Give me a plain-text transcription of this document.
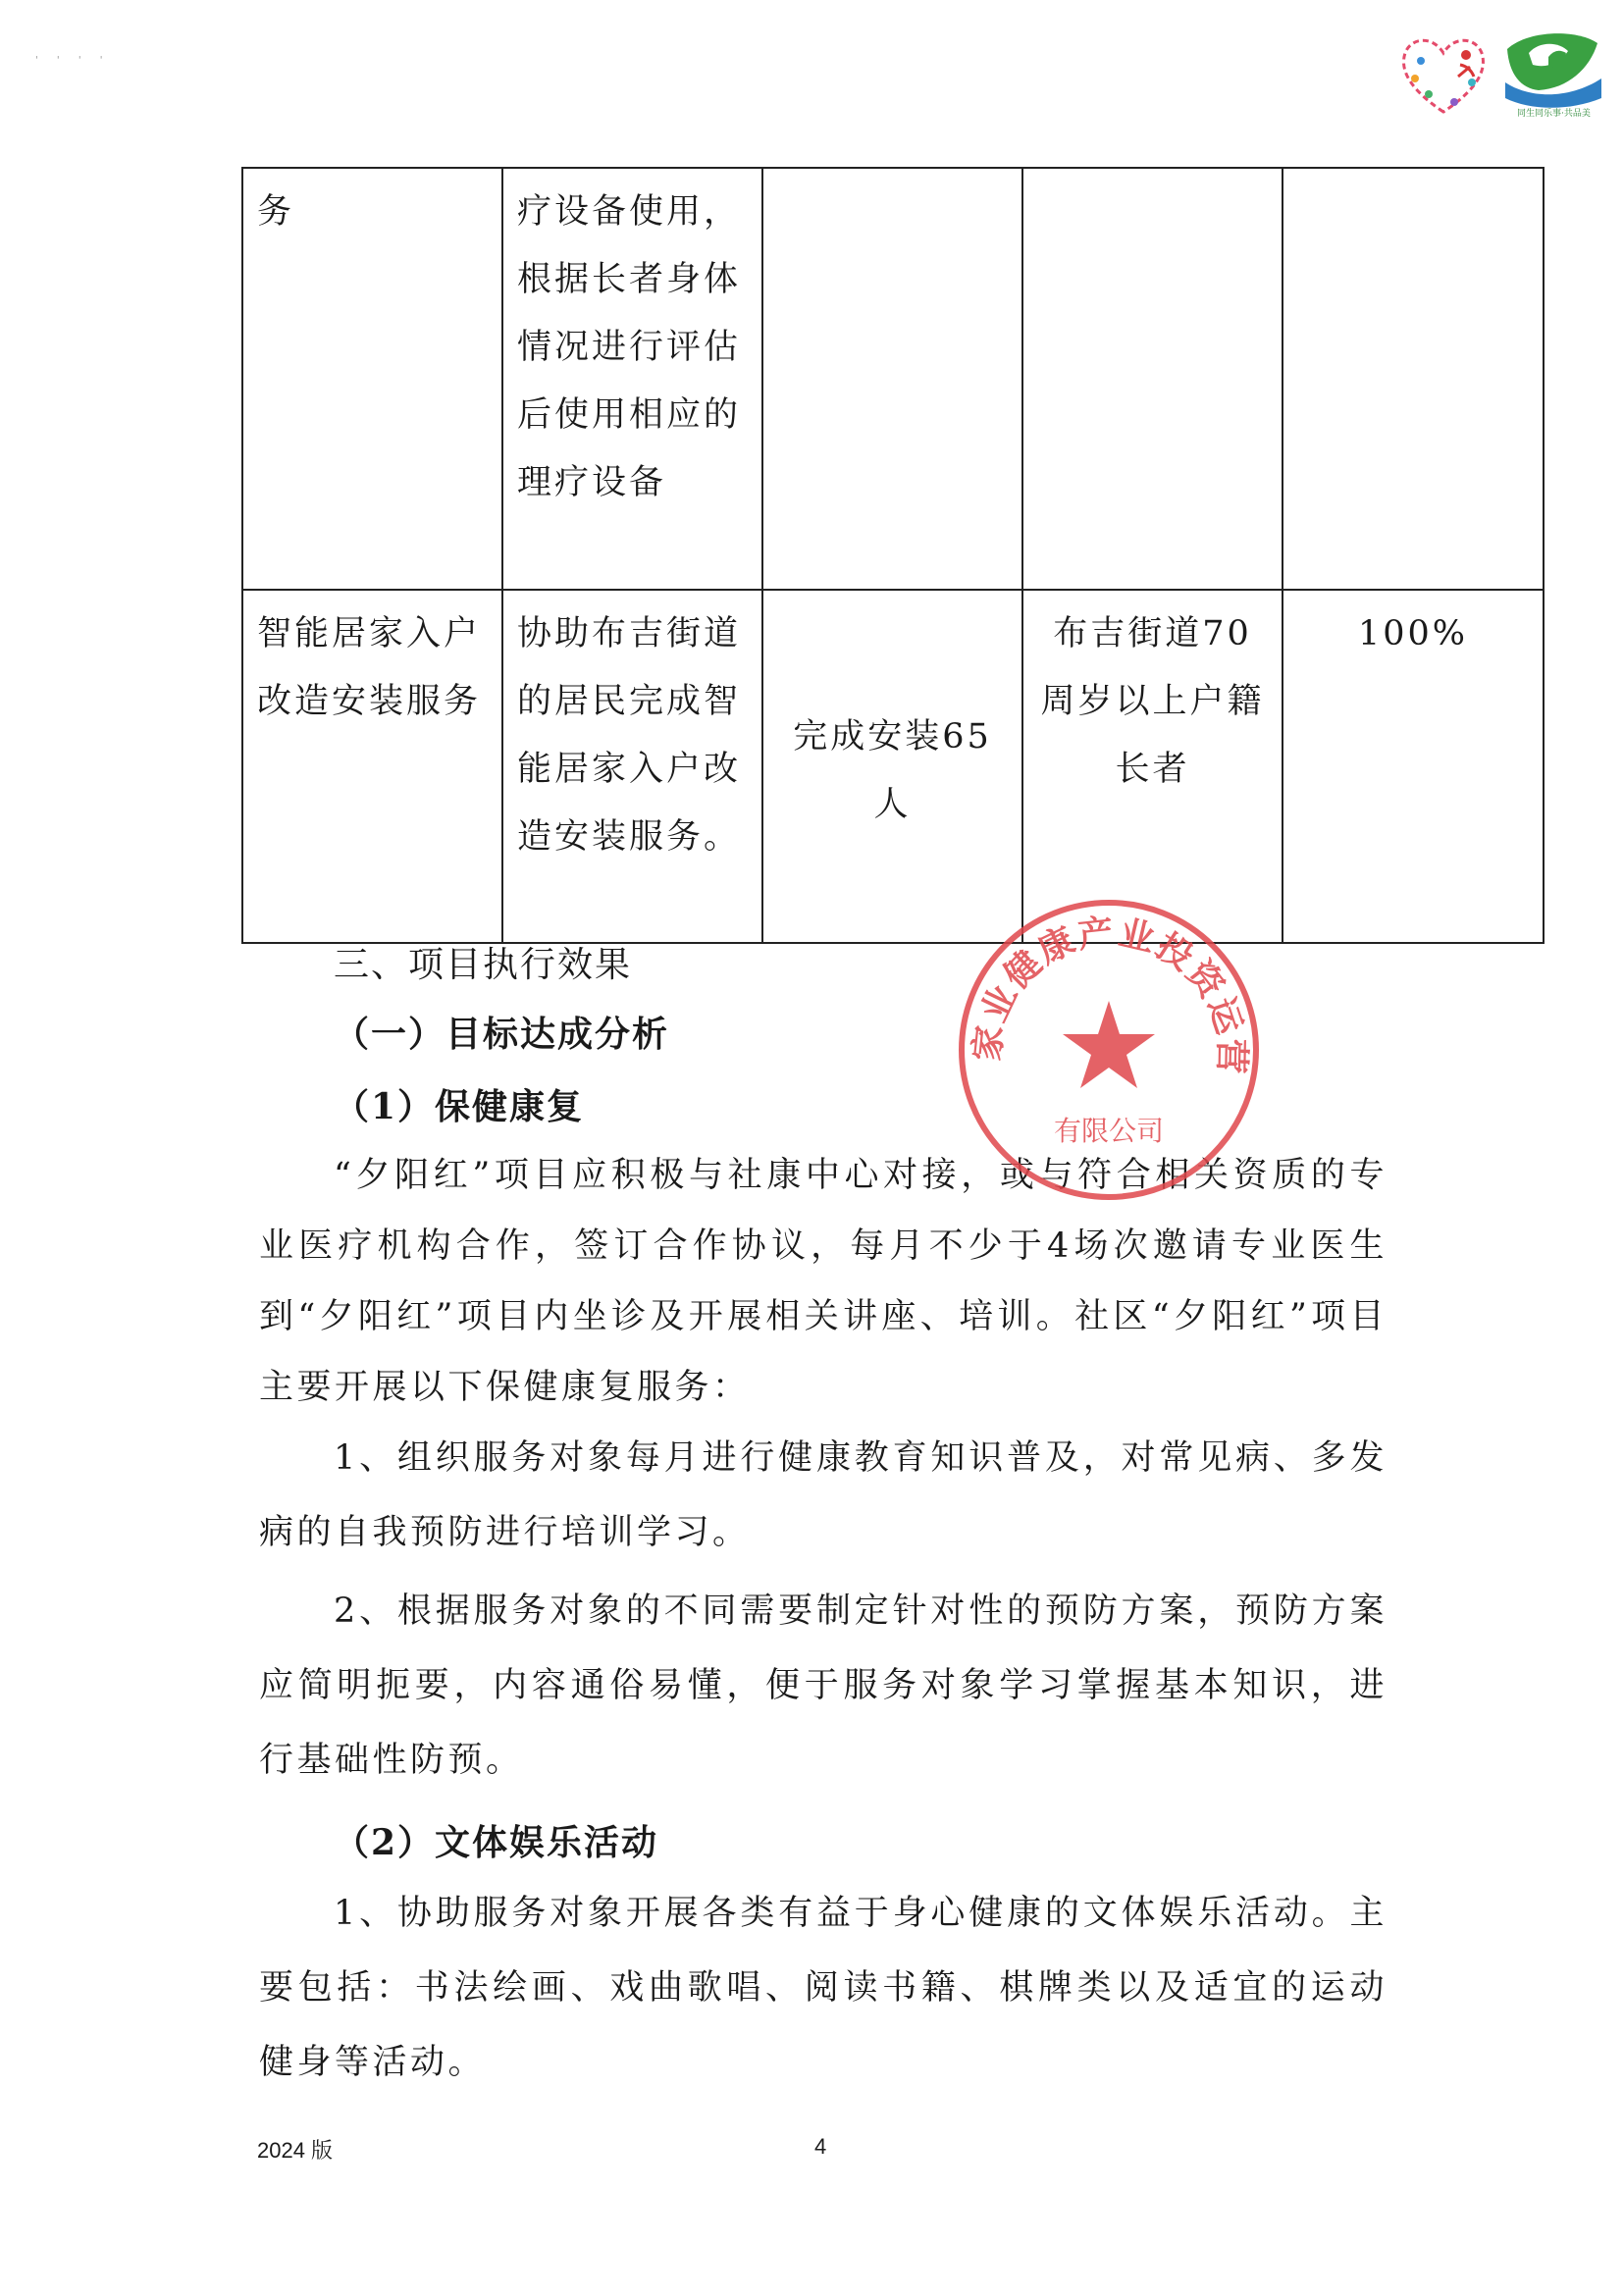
' ' ' '
同生同乐事·共品美
务	疗设备使用，根据长者身体情况进行评估后使用相应的理疗设备			
智能居家入户改造安装服务	协助布吉街道的居民完成智能居家入户改造安装服务。	完成安装65人	布吉街道70周岁以上户籍长者	100%
三、项目执行效果
（一）目标达成分析
（1）保健康复

“夕阳红”项目应积极与社康中心对接，或与符合相关资质的专业医疗机构合作，签订合作协议，每月不少于4场次邀请专业医生到“夕阳红”项目内坐诊及开展相关讲座、培训。社区“夕阳红”项目主要开展以下保健康复服务：

1、组织服务对象每月进行健康教育知识普及，对常见病、多发病的自我预防进行培训学习。

2、根据服务对象的不同需要制定针对性的预防方案，预防方案应简明扼要，内容通俗易懂，便于服务对象学习掌握基本知识，进行基础性防预。

（2）文体娱乐活动

1、协助服务对象开展各类有益于身心健康的文体娱乐活动。主要包括：书法绘画、戏曲歌唱、阅读书籍、棋牌类以及适宜的运动健身等活动。

家业健康产业投资运营
有限公司
2024 版	4
